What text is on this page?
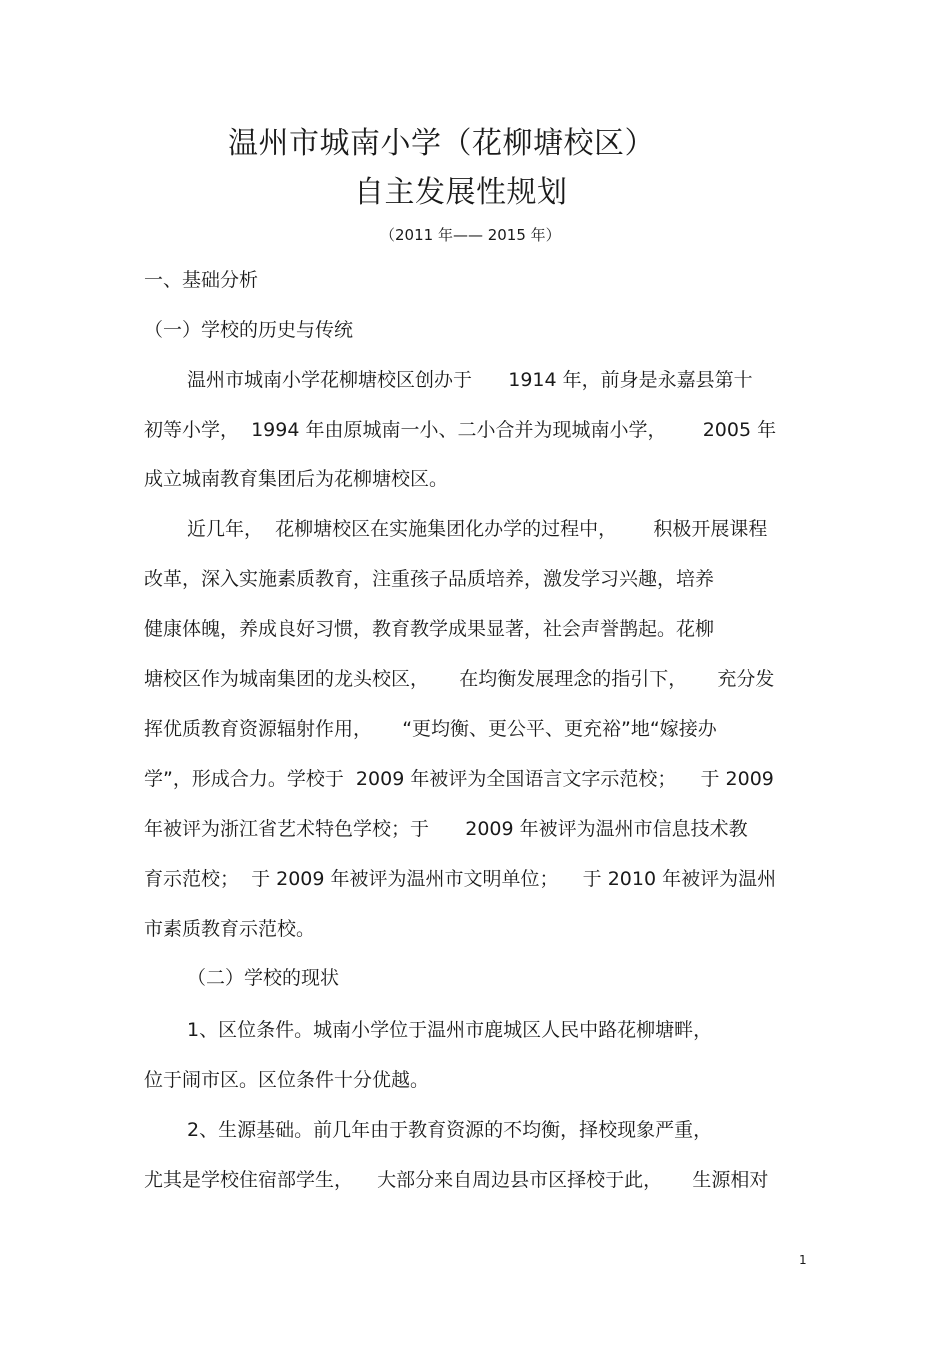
温州市城南小学（花柳塘校区）
自主发展性规划
（2011 年—— 2015 年）
一、基础分析
（一）学校的历史与传统
温州市城南小学花柳塘校区创办于      1914 年，前身是永嘉县第十
初等小学，  1994 年由原城南一小、二小合并为现城南小学，      2005 年
成立城南教育集团后为花柳塘校区。
近几年，  花柳塘校区在实施集团化办学的过程中，      积极开展课程
改革，深入实施素质教育，注重孩子品质培养，激发学习兴趣，培养
健康体魄，养成良好习惯，教育教学成果显著，社会声誉鹊起。花柳
塘校区作为城南集团的龙头校区，     在均衡发展理念的指引下，     充分发
挥优质教育资源辐射作用，     “更均衡、更公平、更充裕”地“嫁接办
学”，形成合力。学校于  2009 年被评为全国语言文字示范校；    于 2009
年被评为浙江省艺术特色学校；于      2009 年被评为温州市信息技术教
育示范校；  于 2009 年被评为温州市文明单位；    于 2010 年被评为温州
市素质教育示范校。
（二）学校的现状
1、区位条件。城南小学位于温州市鹿城区人民中路花柳塘畔，
位于闹市区。区位条件十分优越。
2、生源基础。前几年由于教育资源的不均衡，择校现象严重，
尤其是学校住宿部学生，    大部分来自周边县市区择校于此，     生源相对
1
